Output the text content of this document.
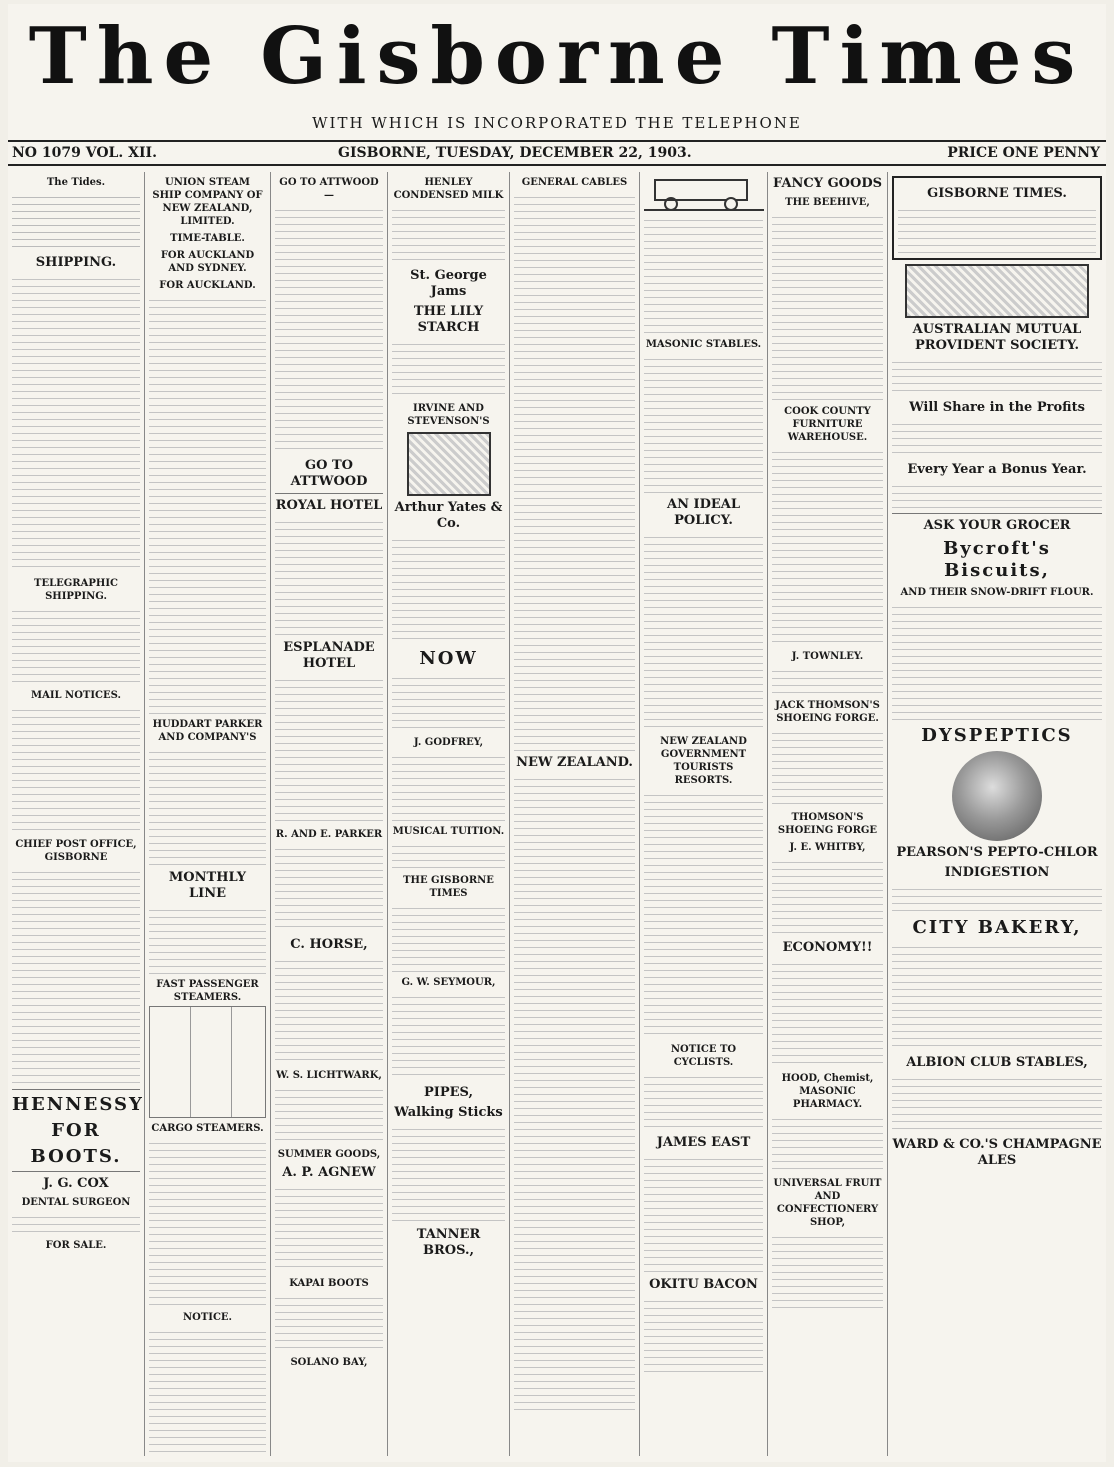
The Gisborne Times
WITH WHICH IS INCORPORATED THE TELEPHONE
NO 1079 VOL. XII.	GISBORNE, TUESDAY, DECEMBER 22, 1903.	PRICE ONE PENNY
The Tides.
SHIPPING.
TELEGRAPHIC SHIPPING.
MAIL NOTICES.
CHIEF POST OFFICE, GISBORNE
HENNESSY
FOR
BOOTS.
J. G. COX
DENTAL SURGEON
FOR SALE.
UNION STEAM SHIP COMPANY OF NEW ZEALAND, LIMITED.
TIME-TABLE.
FOR AUCKLAND AND SYDNEY.
FOR AUCKLAND.
HUDDART PARKER AND COMPANY'S
MONTHLY LINE
FAST PASSENGER STEAMERS.
CARGO STEAMERS.
NOTICE.
GO TO ATTWOOD—
GO TO ATTWOOD
ROYAL HOTEL
ESPLANADE HOTEL
R. AND E. PARKER
C. HORSE,
W. S. LICHTWARK,
SUMMER GOODS,
A. P. AGNEW
KAPAI BOOTS
SOLANO BAY,
HENLEY CONDENSED MILK
St. George Jams
THE LILY STARCH
IRVINE AND STEVENSON'S
Arthur Yates & Co.
NOW
J. GODFREY,
MUSICAL TUITION.
THE GISBORNE TIMES
G. W. SEYMOUR,
PIPES,
Walking Sticks
TANNER BROS.,
GENERAL CABLES
NEW ZEALAND.
MASONIC STABLES.
AN IDEAL POLICY.
NEW ZEALAND GOVERNMENT TOURISTS RESORTS.
NOTICE TO CYCLISTS.
JAMES EAST
OKITU BACON
FANCY GOODS
THE BEEHIVE,
COOK COUNTY FURNITURE WAREHOUSE.
J. TOWNLEY.
JACK THOMSON'S SHOEING FORGE.
THOMSON'S SHOEING FORGE
J. E. WHITBY,
ECONOMY!!
HOOD, Chemist, MASONIC PHARMACY.
UNIVERSAL FRUIT AND CONFECTIONERY SHOP,
GISBORNE TIMES.
AUSTRALIAN MUTUAL PROVIDENT SOCIETY.
Will Share in the Profits
Every Year a Bonus Year.
ASK YOUR GROCER
Bycroft's Biscuits,
AND THEIR SNOW-DRIFT FLOUR.
DYSPEPTICS
PEARSON'S PEPTO-CHLOR
INDIGESTION
CITY BAKERY,
ALBION CLUB STABLES,
WARD & CO.'S CHAMPAGNE ALES
